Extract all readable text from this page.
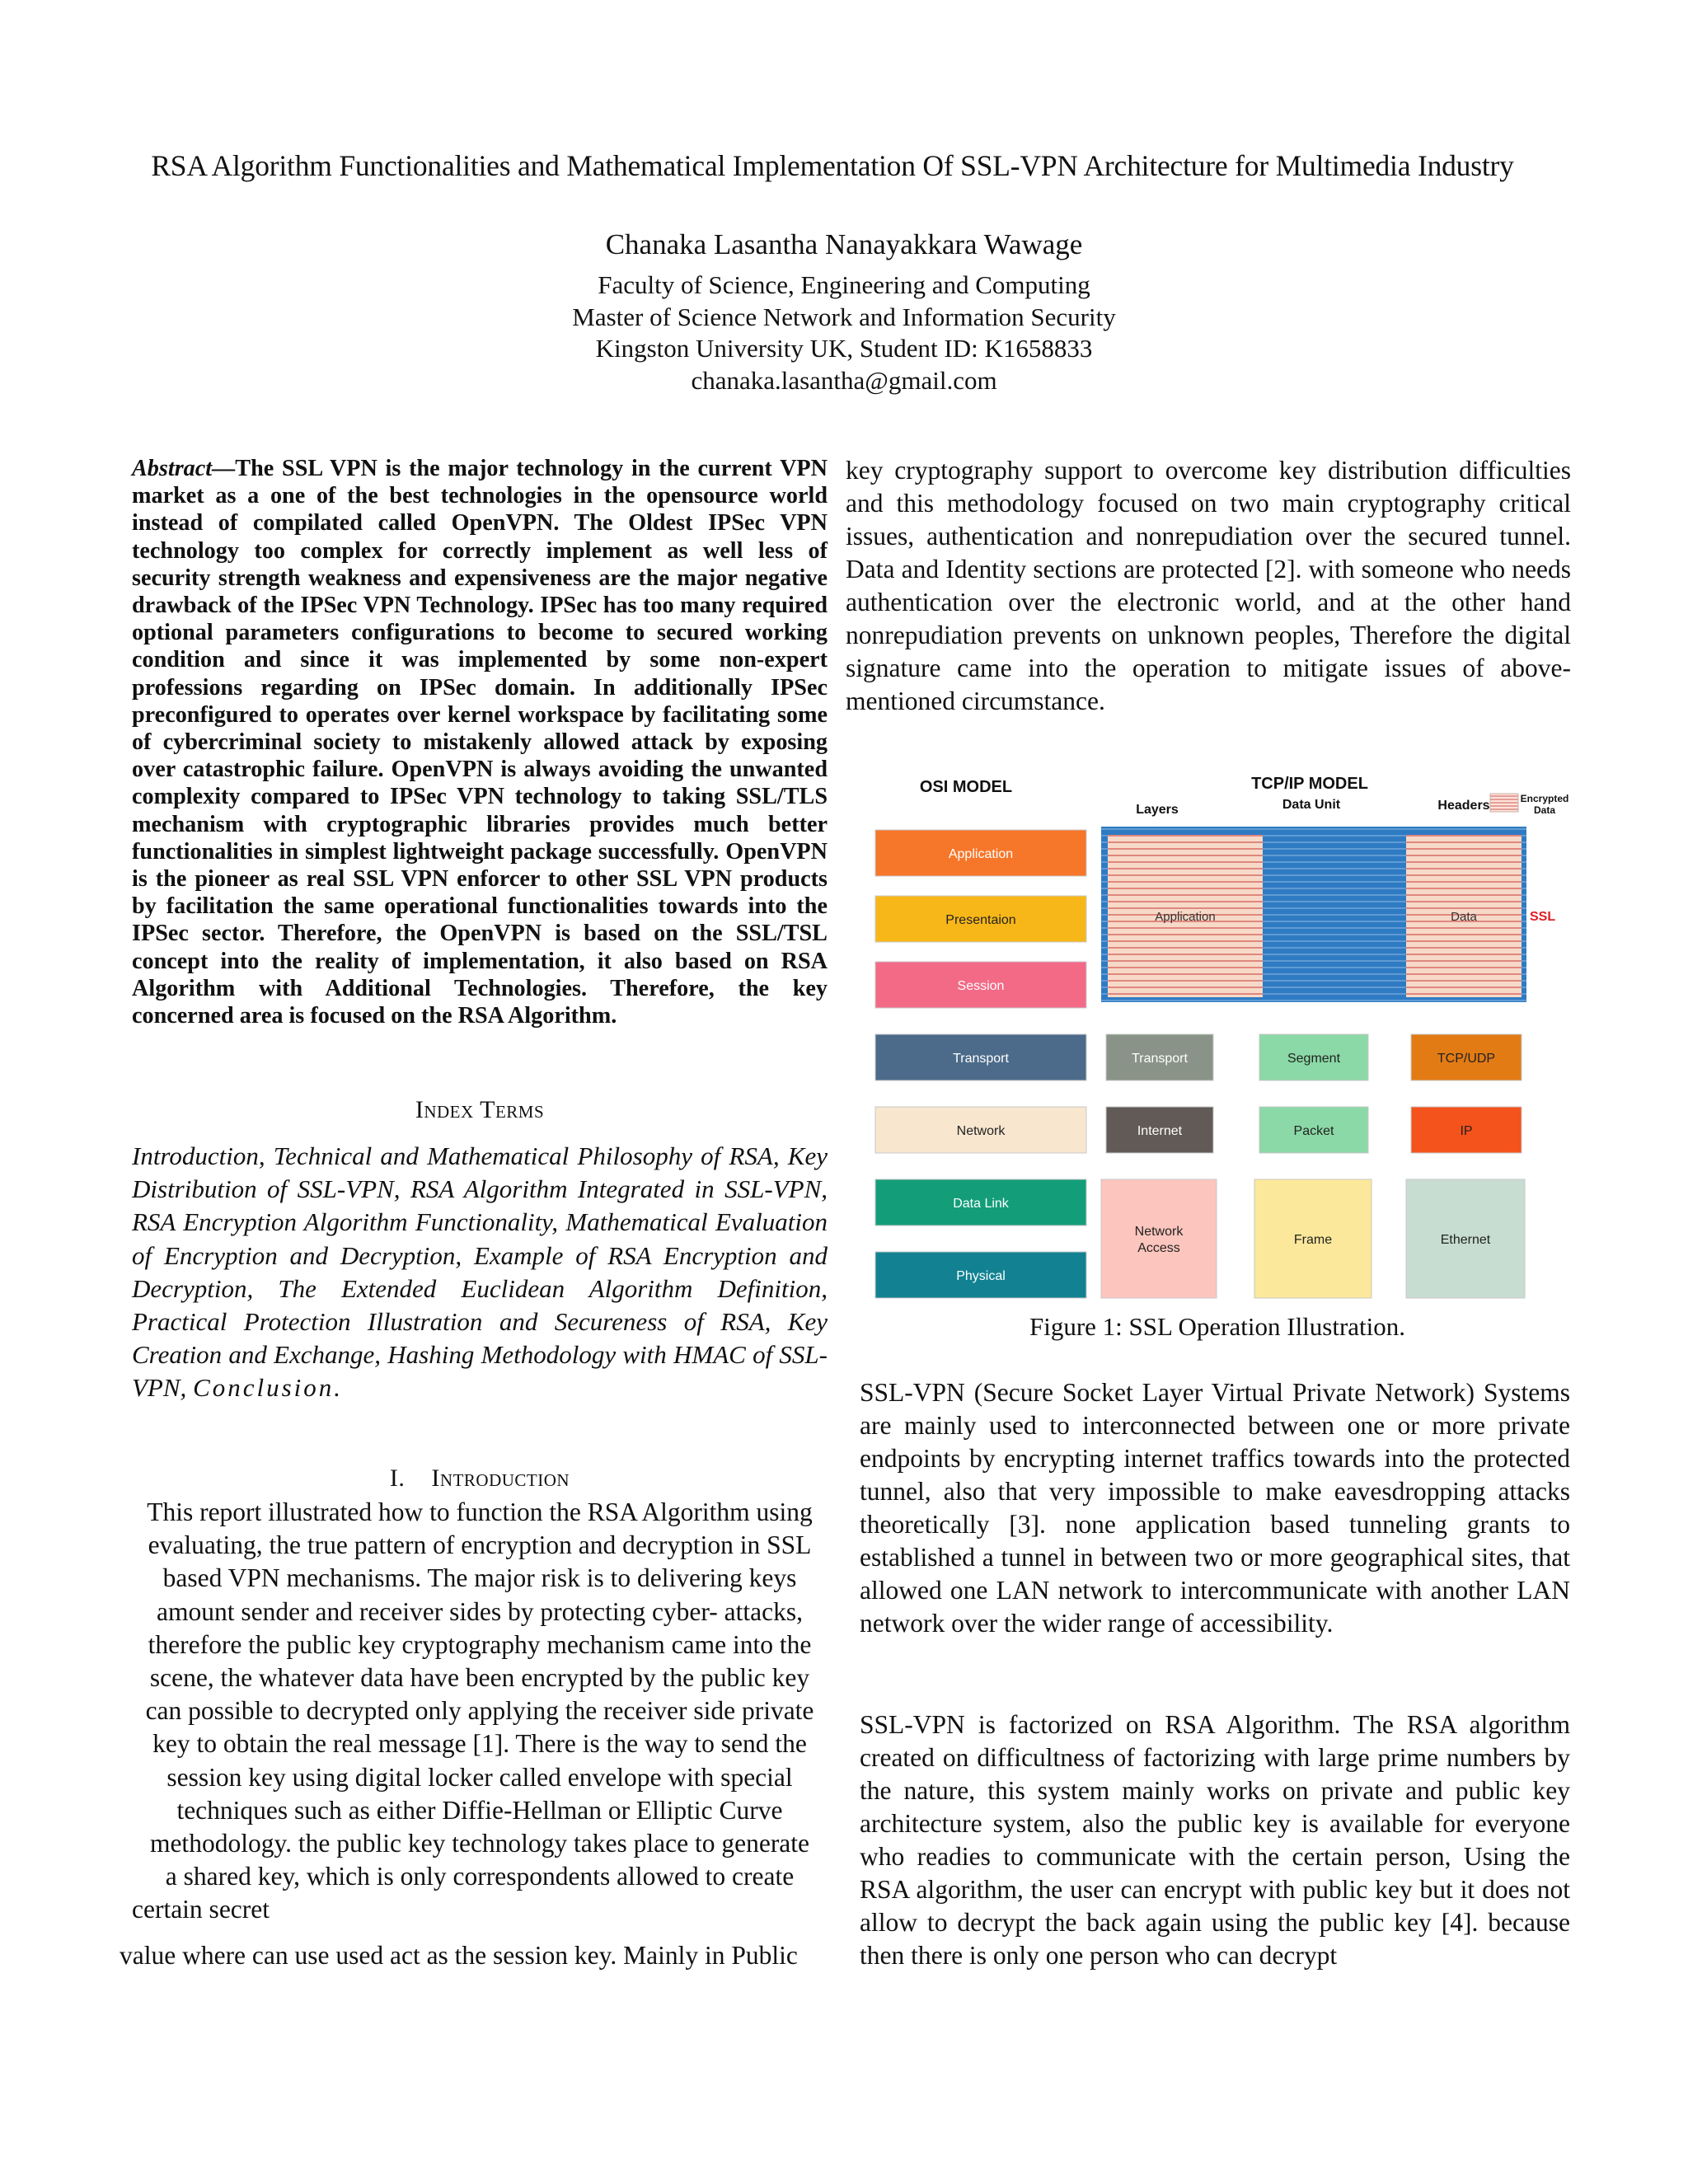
RSA Algorithm Functionalities and Mathematical Implementation Of SSL-VPN Architecture for Multimedia Industry
Chanaka Lasantha Nanayakkara Wawage
Faculty of Science, Engineering and Computing
Master of Science Network and Information Security
Kingston University UK, Student ID: K1658833
chanaka.lasantha@gmail.com
Abstract—The SSL VPN is the major technology in the current VPN market as a one of the best technologies in the opensource world instead of compilated called OpenVPN. The Oldest IPSec VPN technology too complex for correctly implement as well less of security strength weakness and expensiveness are the major negative drawback of the IPSec VPN Technology. IPSec has too many required optional parameters configurations to become to secured working condition and since it was implemented by some non-expert professions regarding on IPSec domain. In additionally IPSec preconfigured to operates over kernel workspace by facilitating some of cybercriminal society to mistakenly allowed attack by exposing over catastrophic failure. OpenVPN is always avoiding the unwanted complexity compared to IPSec VPN technology to taking SSL/TLS mechanism with cryptographic libraries provides much better functionalities in simplest lightweight package successfully. OpenVPN is the pioneer as real SSL VPN enforcer to other SSL VPN products by facilitation the same operational functionalities towards into the IPSec sector. Therefore, the OpenVPN is based on the SSL/TSL concept into the reality of implementation, it also based on RSA Algorithm with Additional Technologies. Therefore, the key concerned area is focused on the RSA Algorithm.
Index Terms
Introduction, Technical and Mathematical Philosophy of RSA, Key Distribution of SSL-VPN, RSA Algorithm Integrated in SSL-VPN, RSA Encryption Algorithm Functionality, Mathematical Evaluation of Encryption and Decryption, Example of RSA Encryption and Decryption, The Extended Euclidean Algorithm Definition, Practical Protection Illustration and Secureness of RSA, Key Creation and Exchange, Hashing Methodology with HMAC of SSL-VPN, Conclusion.
I. Introduction
This report illustrated how to function the RSA Algorithm using
evaluating, the true pattern of encryption and decryption in SSL
based VPN mechanisms. The major risk is to delivering keys
amount sender and receiver sides by protecting cyber- attacks,
therefore the public key cryptography mechanism came into the
scene, the whatever data have been encrypted by the public key
can possible to decrypted only applying the receiver side private
key to obtain the real message [1]. There is the way to send the
session key using digital locker called envelope with special
techniques such as either Diffie-Hellman or Elliptic Curve
methodology. the public key technology takes place to generate
a shared key, which is only correspondents allowed to create
certain secret
value where can use used act as the session key. Mainly in Public
key cryptography support to overcome key distribution difficulties and this methodology focused on two main cryptography critical issues, authentication and nonrepudiation over the secured tunnel. Data and Identity sections are protected [2]. with someone who needs authentication over the electronic world, and at the other hand nonrepudiation prevents on unknown peoples, Therefore the digital signature came into the operation to mitigate issues of above-mentioned circumstance.
OSI MODEL	TCP/IP MODEL
Layers	Data Unit	Headers	Encrypted Data
Application
Presentaion
Session
Transport
Network
Data Link
Physical
Application	Data	SSL
Transport	Segment	TCP/UDP
Internet	Packet	IP
Network
Access
Frame	Ethernet
Figure 1: SSL Operation Illustration.
SSL-VPN (Secure Socket Layer Virtual Private Network) Systems are mainly used to interconnected between one or more private endpoints by encrypting internet traffics towards into the protected tunnel, also that very impossible to make eavesdropping attacks theoretically [3]. none application based tunneling grants to established a tunnel in between two or more geographical sites, that allowed one LAN network to intercommunicate with another LAN network over the wider range of accessibility.
SSL-VPN is factorized on RSA Algorithm. The RSA algorithm created on difficultness of factorizing with large prime numbers by the nature, this system mainly works on private and public key architecture system, also the public key is available for everyone who readies to communicate with the certain person, Using the RSA algorithm, the user can encrypt with public key but it does not allow to decrypt the back again using the public key [4]. because then there is only one person who can decrypt
